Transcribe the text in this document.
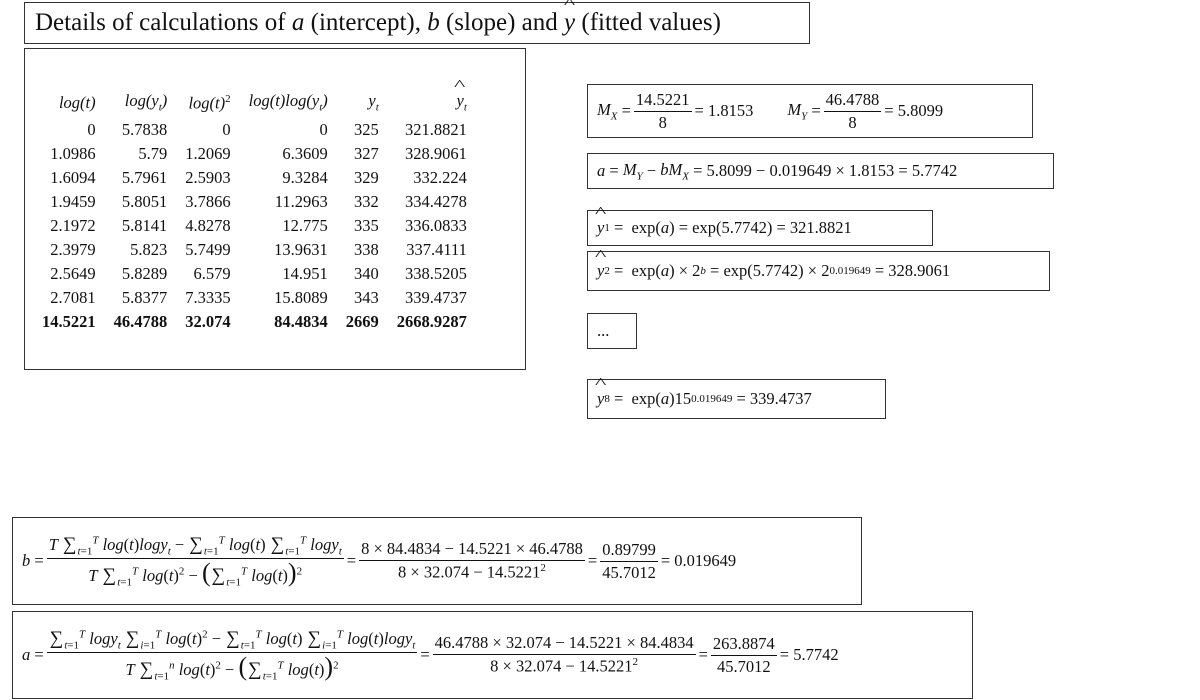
Details of calculations of a (intercept), b (slope) and ^ y (fitted values)
log(t)	$\log(y_t)$	$\log(t)^2$	$\log(t)\log(y_t)$	$y_t$	^ $y_t$
0	5.7838	0	0	325	321.8821
1.0986	5.79	1.2069	6.3609	327	328.9061
1.6094	5.7961	2.5903	9.3284	329	332.224
1.9459	5.8051	3.7866	11.2963	332	334.4278
2.1972	5.8141	4.8278	12.775	335	336.0833
2.3979	5.823	5.7499	13.9631	338	337.4111
2.5649	5.8289	6.579	14.951	340	338.5205
2.7081	5.8377	7.3335	15.8089	343	339.4737
14.5221	46.4788	32.074	84.4834	2669	2668.9287
$M_X = \frac{14.5221}{8} = 1.8153$ $M_Y = \frac{46.4788}{8} = 5.8099$
$a = M_Y - bM_X = 5.8099 - 0.019649 \times 1.8153 = 5.7742$
^ y 1 =  exp( a ) = exp( 5.7742 ) = 321.8821
^ y 2 =  exp( a ) × 2 b = exp( 5.7742 ) × 2 0.019649 = 328.9061
...
^ y 8 =  exp( a ) 15 0.019649 = 339.4737
$b = \frac{T \sum_{t=1}^T \log(t)\log y_t - \sum_{t=1}^T \log(t) \sum_{t=1}^T \log y_t}{T \sum_{t=1}^T \log(t)^2 - (\sum_{t=1}^T \log(t))^2} = \frac{8 \times 84.4834 - 14.5221 \times 46.4788}{8 \times 32.074 - 14.5221^2} = \frac{0.89799}{45.7012} = 0.019649$
$a = \frac{\sum_{t=1}^T \log y_t \sum_{i=1}^T \log(t)^2 - \sum_{t=1}^T \log(t) \sum_{i=1}^T \log(t)\log y_t}{T \sum_{t=1}^n \log(t)^2 - (\sum_{t=1}^T \log(t))^2} = \frac{46.4788 \times 32.074 - 14.5221 \times 84.4834}{8 \times 32.074 - 14.5221^2} = \frac{263.8874}{45.7012} = 5.7742$
